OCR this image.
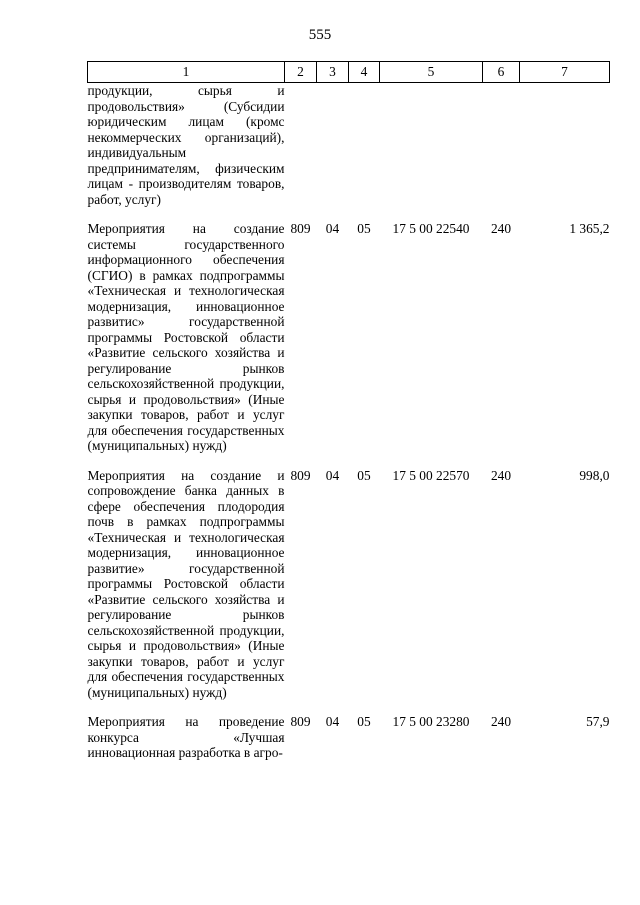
555
1	2	3	4	5	6	7
продукции, сырья и продовольствия» (Субсидии юридическим лицам (кромс некоммерческих организаций), индивидуальным предпринимателям, физическим лицам - производителям товаров, работ, услуг)						

Мероприятия на создание системы государственного информационного обеспечения (СГИО) в рамках подпрограммы «Техническая и технологическая модернизация, инновационное развитис» государственной программы Ростовской области «Развитие сельского хозяйства и регулирование рынков сельскохозяйственной продукции, сырья и продовольствия» (Иные закупки товаров, работ и услуг для обеспечения государственных (муниципальных) нужд)	809	04	05	17 5 00 22540	240	1 365,2

Мероприятия на создание и сопровождение банка данных в сфере обеспечения плодородия почв в рамках подпрограммы «Техническая и технологическая модернизация, инновационное развитие» государственной программы Ростовской области «Развитие сельского хозяйства и регулирование рынков сельскохозяйственной продукции, сырья и продовольствия» (Иные закупки товаров, работ и услуг для обеспечения государственных (муниципальных) нужд)	809	04	05	17 5 00 22570	240	998,0

Мероприятия на проведение конкурса «Лучшая инновационная разработка в агро-	809	04	05	17 5 00 23280	240	57,9
